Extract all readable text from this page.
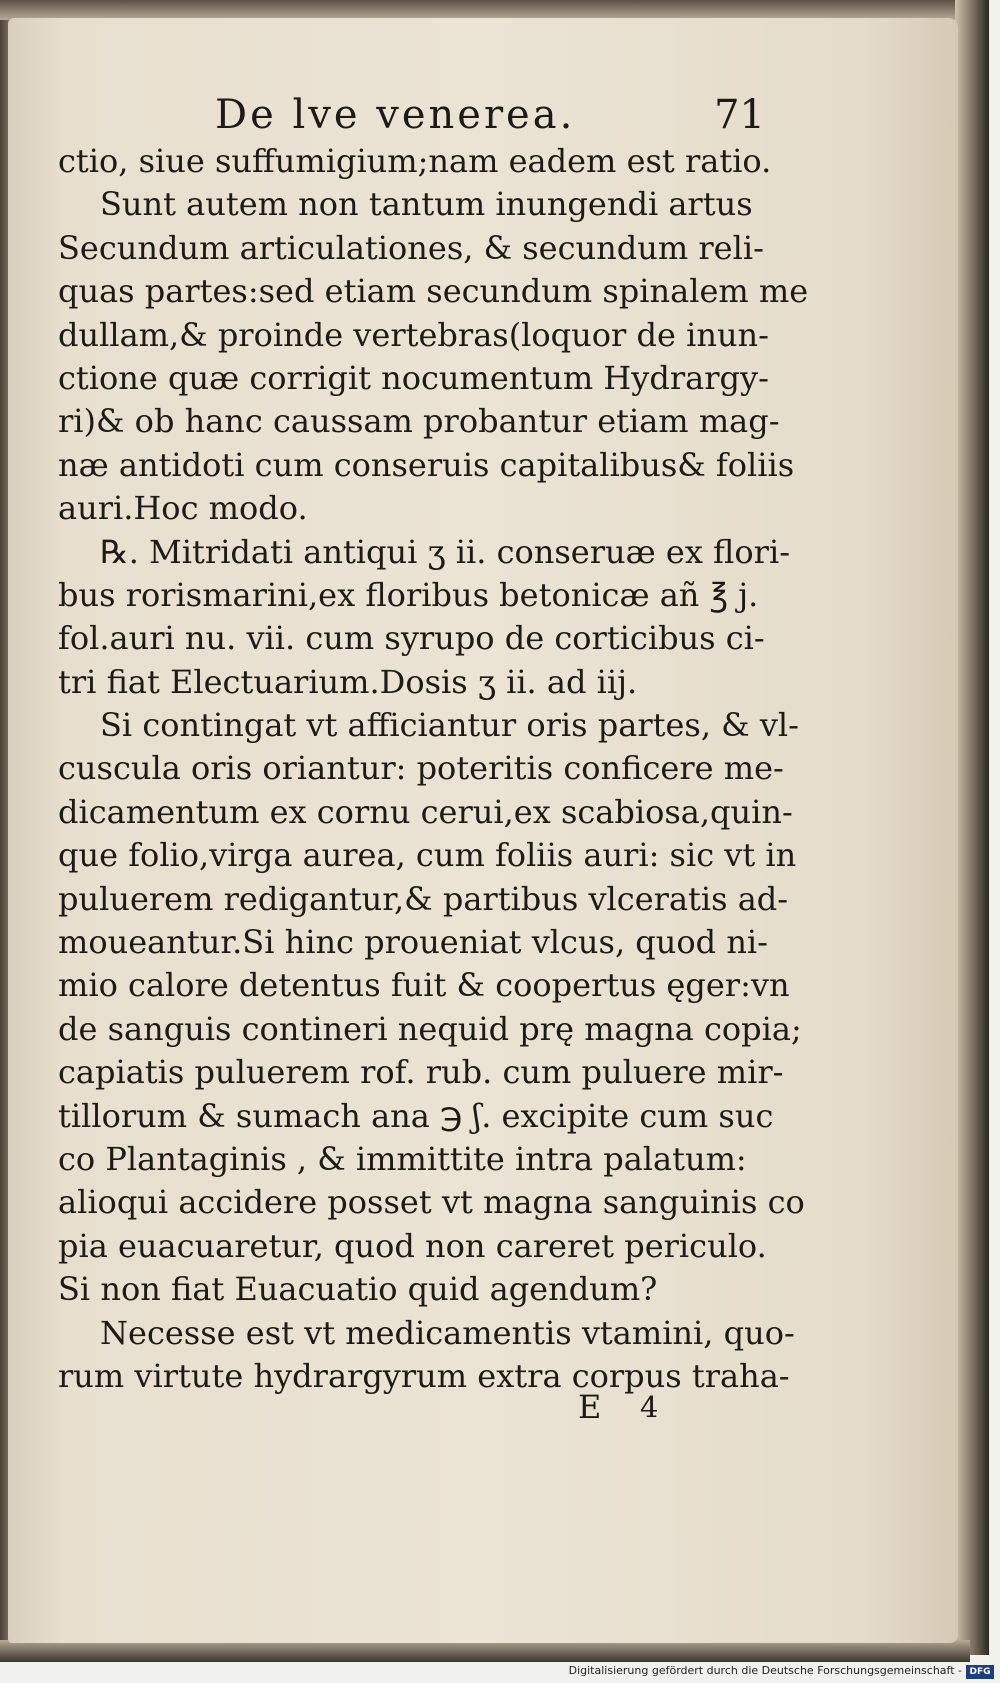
De lve venerea.	71
ctio, siue suffumigium;nam eadem est ratio.
Sunt autem non tantum inungendi artus
Secundum articulationes, & secundum reli-
quas partes:sed etiam secundum spinalem me
dullam,& proinde vertebras(loquor de inun-
ctione quæ corrigit nocumentum Hydrargy-
ri)& ob hanc caussam probantur etiam mag-
næ antidoti cum conseruis capitalibus& foliis
auri.Hoc modo.
℞. Mitridati antiqui ʒ ii. conseruæ ex flori-
bus rorismarini,ex floribus betonicæ añ ℥ j.
fol.auri nu. vii. cum syrupo de corticibus ci-
tri fiat Electuarium.Dosis ʒ ii. ad iij.
Si contingat vt afficiantur oris partes, & vl-
cuscula oris oriantur: poteritis conficere me-
dicamentum ex cornu cerui,ex scabiosa,quin-
que folio,virga aurea, cum foliis auri: sic vt in
puluerem redigantur,& partibus vlceratis ad-
moueantur.Si hinc proueniat vlcus, quod ni-
mio calore detentus fuit & coopertus ęger:vn
de sanguis contineri nequid prę magna copia;
capiatis puluerem rof. rub. cum puluere mir-
tillorum & sumach ana ℈ ʃ. excipite cum suc
co Plantaginis , & immittite intra palatum:
alioqui accidere posset vt magna sanguinis co
pia euacuaretur, quod non careret periculo.
Si non fiat Euacuatio quid agendum?
Necesse est vt medicamentis vtamini, quo-
rum virtute hydrargyrum extra corpus traha-
E 4
Digitalisierung gefördert durch die Deutsche Forschungsgemeinschaft - DFG
